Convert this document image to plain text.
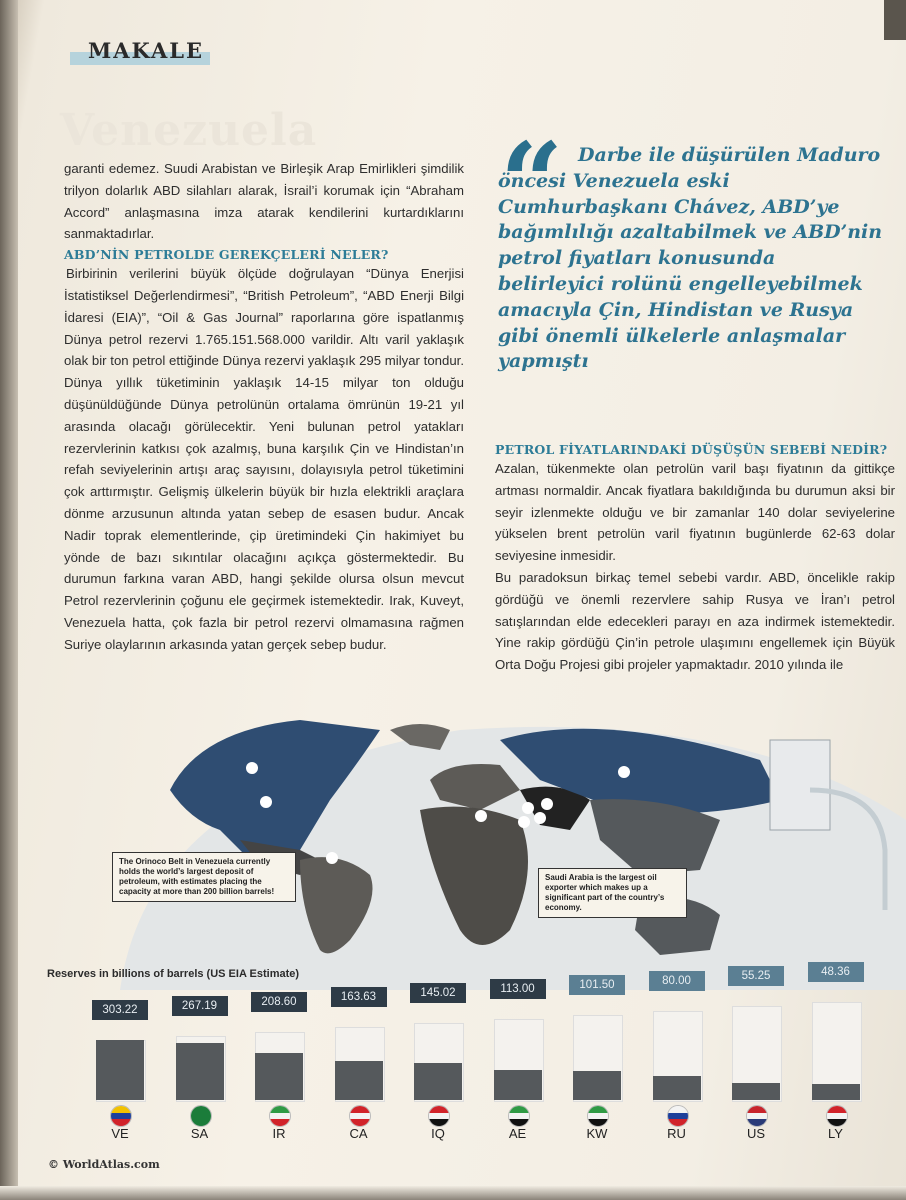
MAKALE
Venezuela

garanti edemez. Suudi Arabistan ve Birleşik Arap Emirlikleri şimdilik trilyon dolarlık ABD silahları alarak, İsrail’i korumak için “Abraham Accord” anlaşmasına imza atarak kendilerini kurtardıklarını sanmaktadırlar.

ABD’NİN PETROLDE GEREKÇELERİ NELER?

Birbirinin verilerini büyük ölçüde doğrulayan “Dünya Enerjisi İstatistiksel Değerlendirmesi”, “British Petroleum”, “ABD Enerji Bilgi İdaresi (EIA)”, “Oil & Gas Journal” raporlarına göre ispatlanmış Dünya petrol rezervi 1.765.151.568.000 varildir. Altı varil yaklaşık olak bir ton petrol ettiğinde Dünya rezervi yaklaşık 295 milyar tondur. Dünya yıllık tüketiminin yaklaşık 14-15 milyar ton olduğu düşünüldüğünde Dünya petrolünün ortalama ömrünün 19-21 yıl arasında olacağı görülecektir. Yeni bulunan petrol yatakları rezervlerinin katkısı çok azalmış, buna karşılık Çin ve Hindistan’ın refah seviyelerinin artışı araç sayısını, dolayısıyla petrol tüketimini çok arttırmıştır. Gelişmiş ülkelerin büyük bir hızla elektrikli araçlara dönme arzusunun altında yatan sebep de esasen budur. Ancak Nadir toprak elementlerinde, çip üretimindeki Çin hakimiyet bu yönde de bazı sıkıntılar olacağını açıkça göstermektedir. Bu durumun farkına varan ABD, hangi şekilde olursa olsun mevcut Petrol rezervlerinin çoğunu ele geçirmek istemektedir. Irak, Kuveyt, Venezuela hatta, çok fazla bir petrol rezervi olmamasına rağmen Suriye olaylarının arkasında yatan gerçek sebep budur.

“ Darbe ile düşürülen Maduro öncesi Venezuela eski Cumhurbaşkanı Chávez, ABD’ye bağımlılığı azaltabilmek ve ABD’nin petrol fiyatları konusunda belirleyici rolünü engelleyebilmek amacıyla Çin, Hindistan ve Rusya gibi önemli ülkelerle anlaşmalar yapmıştı

PETROL FİYATLARINDAKİ DÜŞÜŞÜN SEBEBİ NEDİR?

Azalan, tükenmekte olan petrolün varil başı fiyatının da gittikçe artması normaldir. Ancak fiyatlara bakıldığında bu durumun aksi bir seyir izlenmekte olduğu ve bir zamanlar 140 dolar seviyelerine yükselen brent petrolün varil fiyatının bugünlerde 62-63 dolar seviyesine inmesidir.

Bu paradoksun birkaç temel sebebi vardır. ABD, öncelikle rakip gördüğü ve önemli rezervlere sahip Rusya ve İran’ı petrol satışlarından elde edecekleri parayı en aza indirmek istemektedir. Yine rakip gördüğü Çin’in petrole ulaşımını engellemek için Büyük Orta Doğu Projesi gibi projeler yapmaktadır. 2010 yılında ile

The Orinoco Belt in Venezuela currently holds the world’s largest deposit of petroleum, with estimates placing the capacity at more than 200 billion barrels!
Saudi Arabia is the largest oil exporter which makes up a significant part of the country’s economy.
Reserves in billions of barrels (US EIA Estimate)
303.22
VE
267.19
SA
208.60
IR
163.63
CA
145.02
IQ
113.00
AE
101.50
KW
80.00
RU
55.25
US
48.36
LY
© WorldAtlas.com
